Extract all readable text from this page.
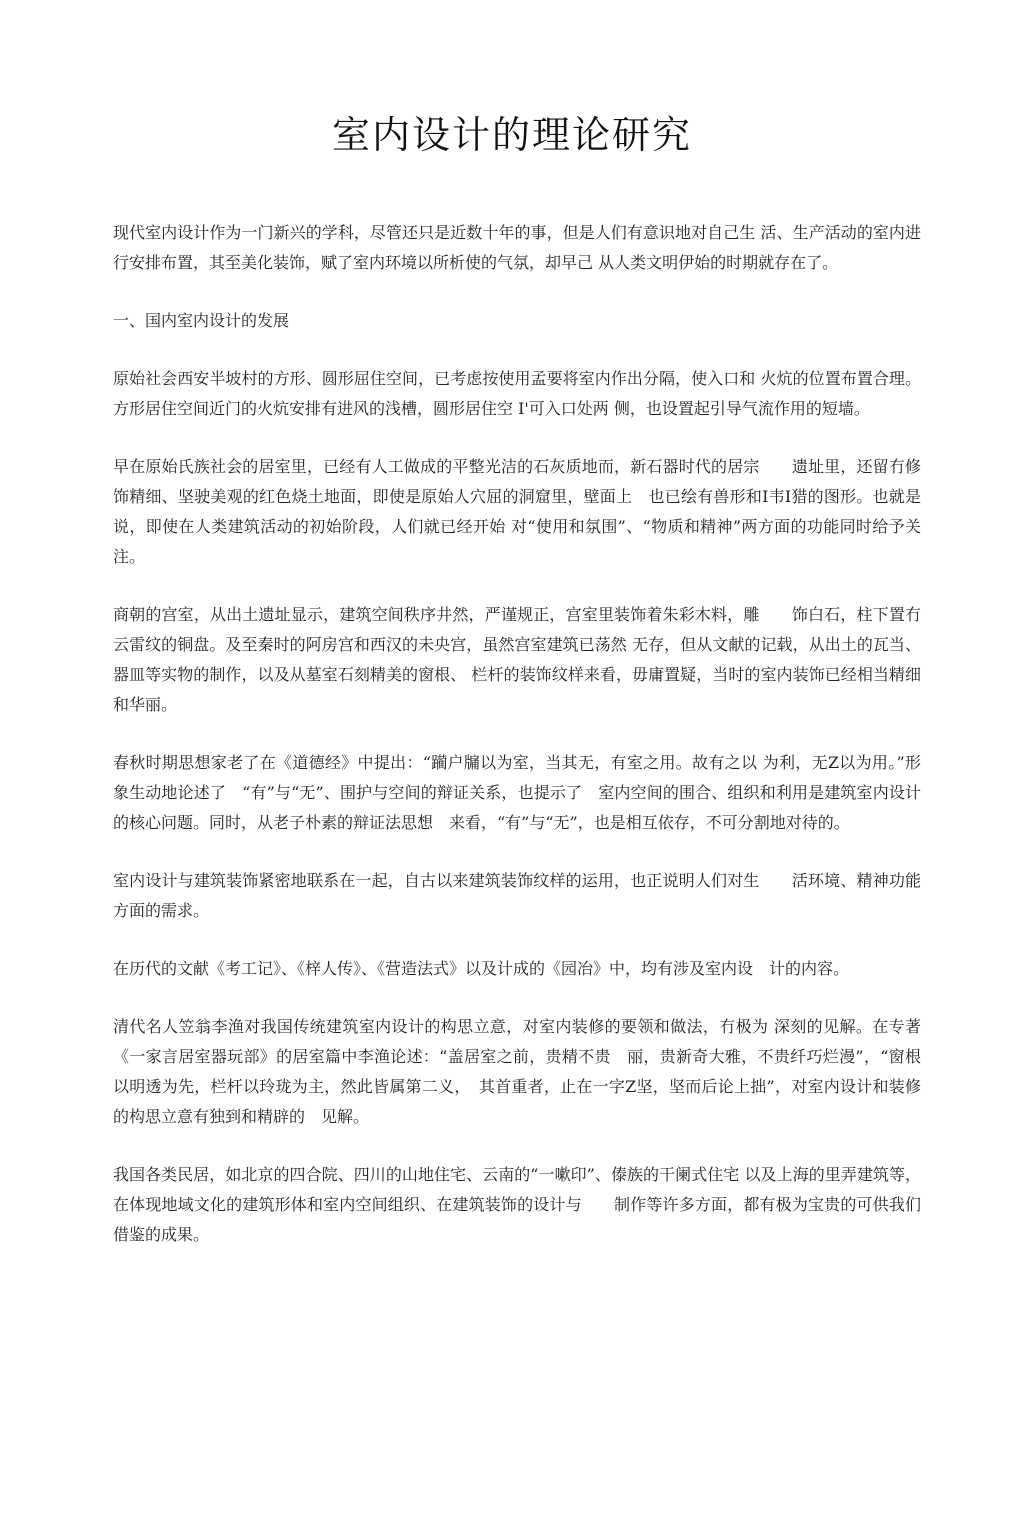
室内设计的理论研究

现代室内设计作为一门新兴的学科，尽管还只是近数十年的事，但是人们有意识地对自己生 活、生产活动的室内进行安排布置，其至美化装饰，赋了室内环境以所析使的气氛，却早己 从人类文明伊始的时期就存在了。

一、国内室内设计的发展

原始社会西安半坡村的方形、圆形屈住空间，已考虑按使用孟要将室内作出分隔，使入口和 火炕的位置布置合理。方形居住空间近门的火炕安排有进风的浅槽，圆形居住空 I'可入口处两 侧，也设置起引导气流作用的短墙。

早在原始氏族社会的居室里，已经有人工做成的平整光洁的石灰质地而，新石器时代的居宗　　遗址里，还留冇修饰精细、坚驶美观的红色烧土地面，即使是原始人穴屈的洞窟里，壁面上　也已绘有兽形和I韦I猎的图形。也就是说，即使在人类建筑活动的初始阶段，人们就已经开始 对“使用和氛围”、“物质和精神”两方面的功能同时给予关注。

商朝的宫室，从出土遗址显示，建筑空间秩序井然，严谨规正，宫室里装饰着朱彩木料，雕　　饰白石，柱下置冇云雷纹的铜盘。及至秦时的阿房宫和西汉的未央宫，虽然宫室建筑已荡然 无存，但从文献的记载，从出土的瓦当、器皿等实物的制作，以及从墓室石刻精美的窗根、 栏杆的装饰纹样来看，毋庸置疑，当时的室内装饰已经相当精细和华丽。

春秋时期思想家老了在《道德经》中提出：“躏户牖以为室，当其无，有室之用。故有之以 为利，无Z以为用。”形象生动地论述了　“有”与“无”、围护与空间的辩证关系，也提示了　室内空间的围合、组织和利用是建筑室内设计的核心问题。同时，从老子朴素的辩证法思想　来看，“有”与“无”，也是相互依存，不可分割地对待的。

室内设计与建筑装饰紧密地联系在一起，自古以来建筑装饰纹样的运用，也正说明人们对生　　活环境、精神功能方面的需求。

在历代的文献《考工记》、《梓人传》、《营造法式》以及计成的《园冶》中，均有涉及室内设　计的内容。

清代名人笠翁李渔对我国传统建筑室内设计的构思立意，对室内装修的要领和做法，冇极为 深刻的见解。在专著《一家言居室器玩部》的居室篇中李渔论述：“盖居室之前，贵精不贵　丽，贵新奇大雅，不贵纤巧烂漫”，“窗根以明透为先，栏杆以玲珑为主，然此皆属第二义，　其首重者，止在一字Z坚，坚而后论上拙”，对室内设计和装修的构思立意有独到和精辟的　见解。

我国各类民居，如北京的四合院、四川的山地住宅、云南的“一嗽印”、傣族的干阑式住宅 以及上海的里弄建筑等，在体现地域文化的建筑形体和室内空间组织、在建筑装饰的设计与　　制作等许多方面，都有极为宝贵的可供我们借鉴的成果。
